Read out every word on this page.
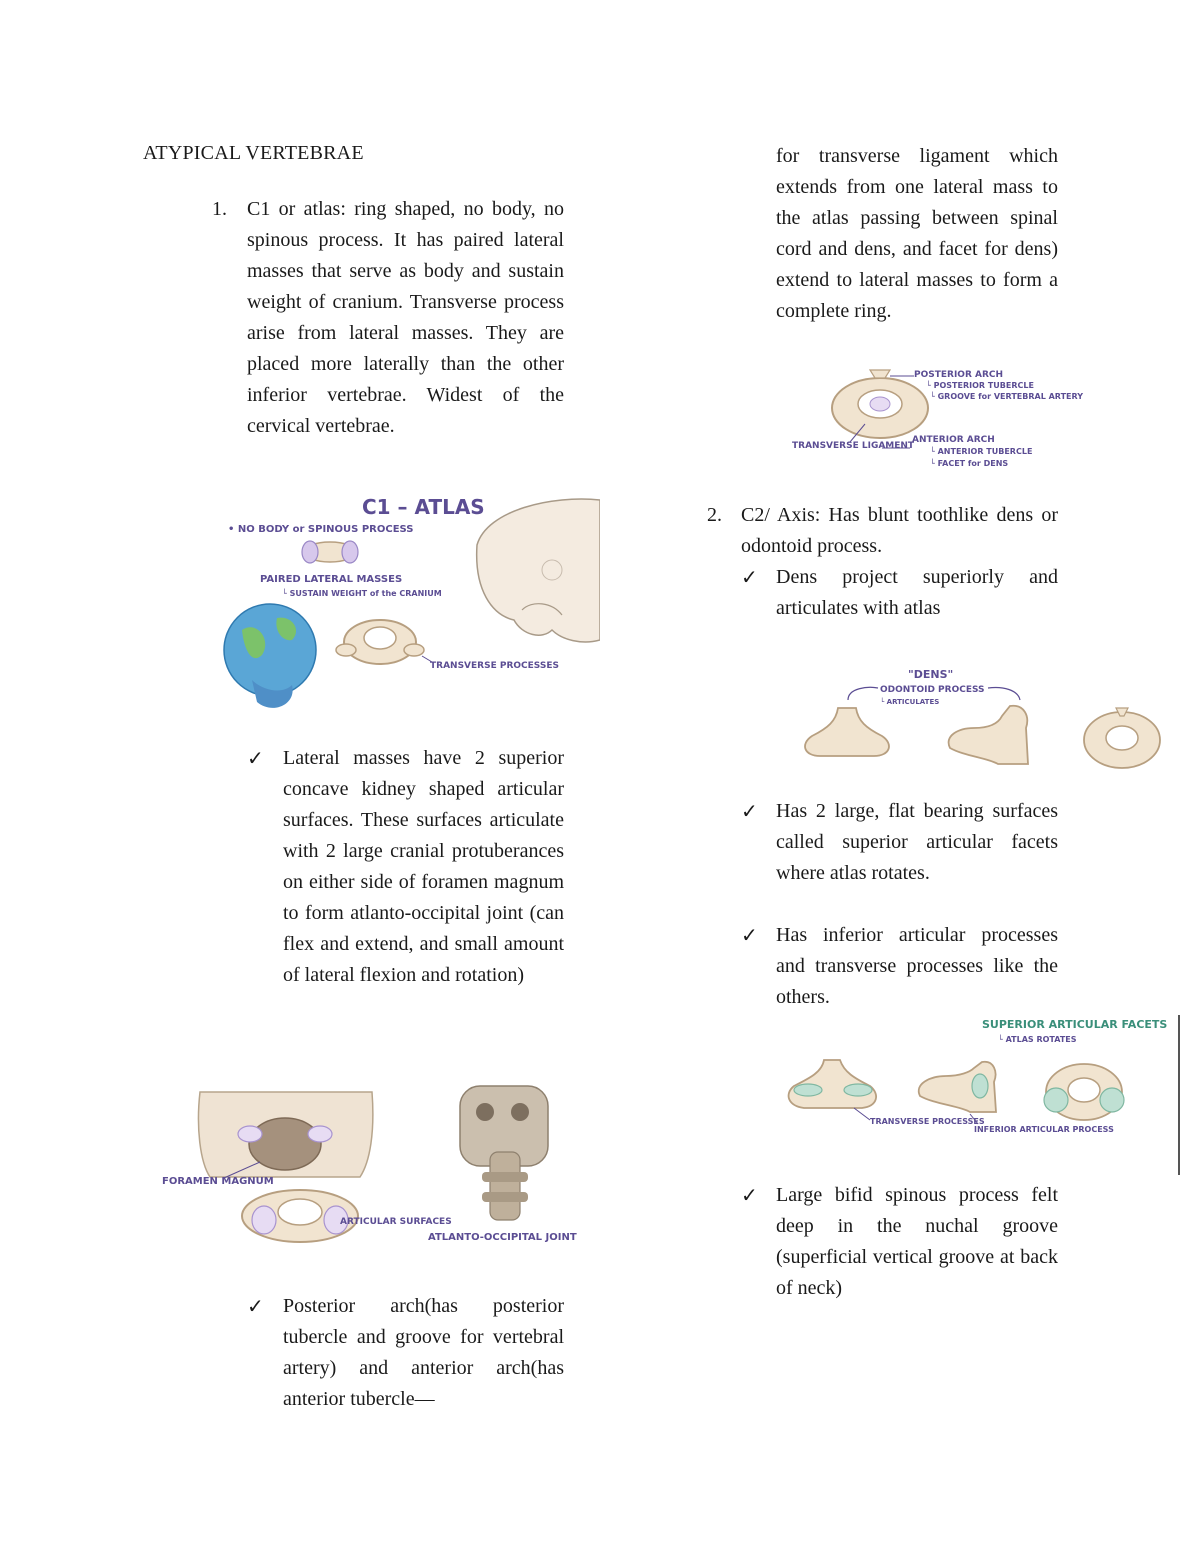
ATYPICAL VERTEBRAE
1. C1 or atlas: ring shaped, no body, no spinous process. It has paired lateral masses that serve as body and sustain weight of cranium. Transverse process arise from lateral masses. They are placed more laterally than the other inferior vertebrae. Widest of the cervical vertebrae.

C1 – ATLAS
• NO BODY or SPINOUS PROCESS
PAIRED LATERAL MASSES
└ SUSTAIN WEIGHT of the CRANIUM
TRANSVERSE PROCESSES
✓ Lateral masses have 2 superior concave kidney shaped articular surfaces. These surfaces articulate with 2 large cranial protuberances on either side of foramen magnum to form atlanto-occipital joint (can flex and extend, and small amount of lateral flexion and rotation)

FORAMEN MAGNUM
ARTICULAR SURFACES
ATLANTO-OCCIPITAL JOINT
✓ Posterior arch(has posterior tubercle and groove for vertebral artery) and anterior arch(has anterior tubercle—

for transverse ligament which extends from one lateral mass to the atlas passing between spinal cord and dens, and facet for dens) extend to lateral masses to form a complete ring.

POSTERIOR ARCH
└ POSTERIOR TUBERCLE
└ GROOVE for VERTEBRAL ARTERY
TRANSVERSE LIGAMENT
ANTERIOR ARCH
└ ANTERIOR TUBERCLE
└ FACET for DENS
2. C2/ Axis: Has blunt toothlike dens or odontoid process.

✓ Dens project superiorly and articulates with atlas

"DENS"
ODONTOID PROCESS
└ ARTICULATES
✓ Has 2 large, flat bearing surfaces called superior articular facets where atlas rotates.

✓ Has inferior articular processes and transverse processes like the others.

SUPERIOR ARTICULAR FACETS
└ ATLAS ROTATES
TRANSVERSE PROCESSES
INFERIOR ARTICULAR PROCESS
✓ Large bifid spinous process felt deep in the nuchal groove (superficial vertical groove at back of neck)
